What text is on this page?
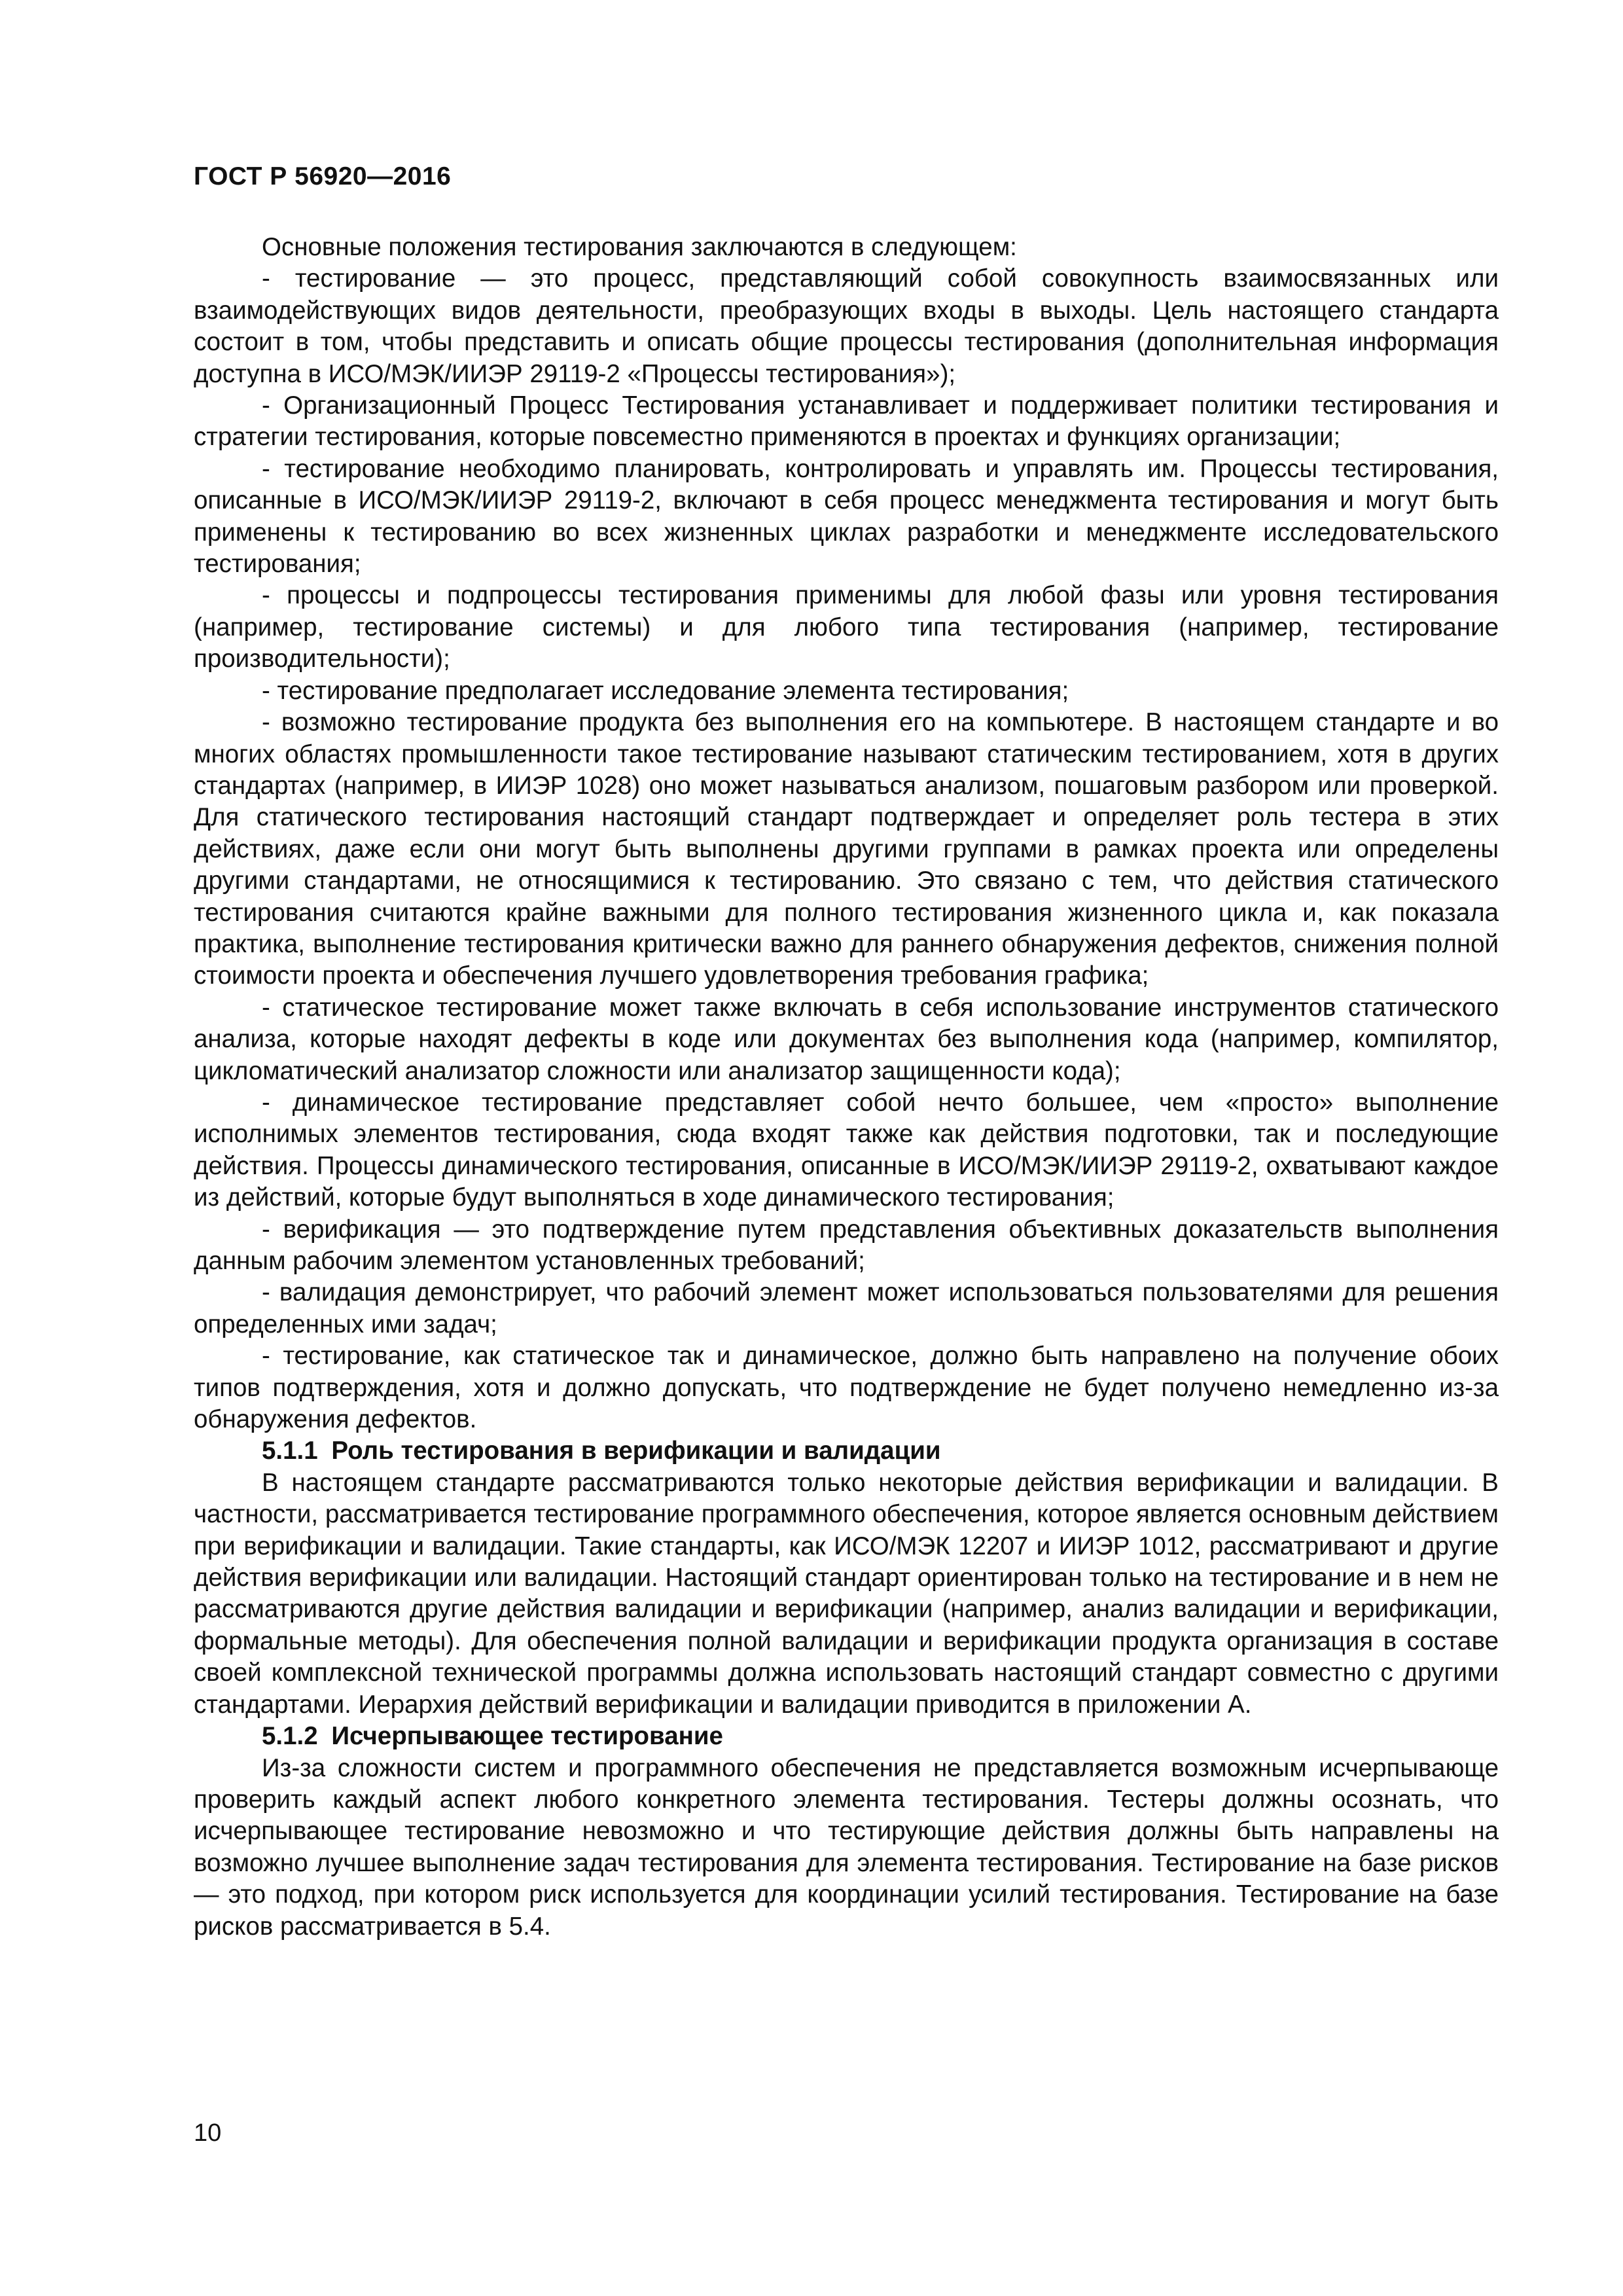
ГОСТ Р 56920—2016

Основные положения тестирования заключаются в следующем:

- тестирование — это процесс, представляющий собой совокупность взаимосвязанных или взаимодействующих видов деятельности, преобразующих входы в выходы. Цель настоящего стандарта состоит в том, чтобы представить и описать общие процессы тестирования (дополнительная информация доступна в ИСО/МЭК/ИИЭР 29119-2 «Процессы тестирования»);

- Организационный Процесс Тестирования устанавливает и поддерживает политики тестирования и стратегии тестирования, которые повсеместно применяются в проектах и функциях организации;

- тестирование необходимо планировать, контролировать и управлять им. Процессы тестирования, описанные в ИСО/МЭК/ИИЭР 29119-2, включают в себя процесс менеджмента тестирования и могут быть применены к тестированию во всех жизненных циклах разработки и менеджменте исследовательского тестирования;

- процессы и подпроцессы тестирования применимы для любой фазы или уровня тестирования (например, тестирование системы) и для любого типа тестирования (например, тестирование производительности);

- тестирование предполагает исследование элемента тестирования;

- возможно тестирование продукта без выполнения его на компьютере. В настоящем стандарте и во многих областях промышленности такое тестирование называют статическим тестированием, хотя в других стандартах (например, в ИИЭР 1028) оно может называться анализом, пошаговым разбором или проверкой. Для статического тестирования настоящий стандарт подтверждает и определяет роль тестера в этих действиях, даже если они могут быть выполнены другими группами в рамках проекта или определены другими стандартами, не относящимися к тестированию. Это связано с тем, что действия статического тестирования считаются крайне важными для полного тестирования жизненного цикла и, как показала практика, выполнение тестирования критически важно для раннего обнаружения дефектов, снижения полной стоимости проекта и обеспечения лучшего удовлетворения требования графика;

- статическое тестирование может также включать в себя использование инструментов статического анализа, которые находят дефекты в коде или документах без выполнения кода (например, компилятор, цикломатический анализатор сложности или анализатор защищенности кода);

- динамическое тестирование представляет собой нечто большее, чем «просто» выполнение исполнимых элементов тестирования, сюда входят также как действия подготовки, так и последующие действия. Процессы динамического тестирования, описанные в ИСО/МЭК/ИИЭР 29119-2, охватывают каждое из действий, которые будут выполняться в ходе динамического тестирования;

- верификация — это подтверждение путем представления объективных доказательств выполнения данным рабочим элементом установленных требований;

- валидация демонстрирует, что рабочий элемент может использоваться пользователями для решения определенных ими задач;

- тестирование, как статическое так и динамическое, должно быть направлено на получение обоих типов подтверждения, хотя и должно допускать, что подтверждение не будет получено немедленно из-за обнаружения дефектов.

5.1.1 Роль тестирования в верификации и валидации

В настоящем стандарте рассматриваются только некоторые действия верификации и валидации. В частности, рассматривается тестирование программного обеспечения, которое является основным действием при верификации и валидации. Такие стандарты, как ИСО/МЭК 12207 и ИИЭР 1012, рассматривают и другие действия верификации или валидации. Настоящий стандарт ориентирован только на тестирование и в нем не рассматриваются другие действия валидации и верификации (например, анализ валидации и верификации, формальные методы). Для обеспечения полной валидации и верификации продукта организация в составе своей комплексной технической программы должна использовать настоящий стандарт совместно с другими стандартами. Иерархия действий верификации и валидации приводится в приложении А.

5.1.2 Исчерпывающее тестирование

Из-за сложности систем и программного обеспечения не представляется возможным исчерпывающе проверить каждый аспект любого конкретного элемента тестирования. Тестеры должны осознать, что исчерпывающее тестирование невозможно и что тестирующие действия должны быть направлены на возможно лучшее выполнение задач тестирования для элемента тестирования. Тестирование на базе рисков — это подход, при котором риск используется для координации усилий тестирования. Тестирование на базе рисков рассматривается в 5.4.

10
